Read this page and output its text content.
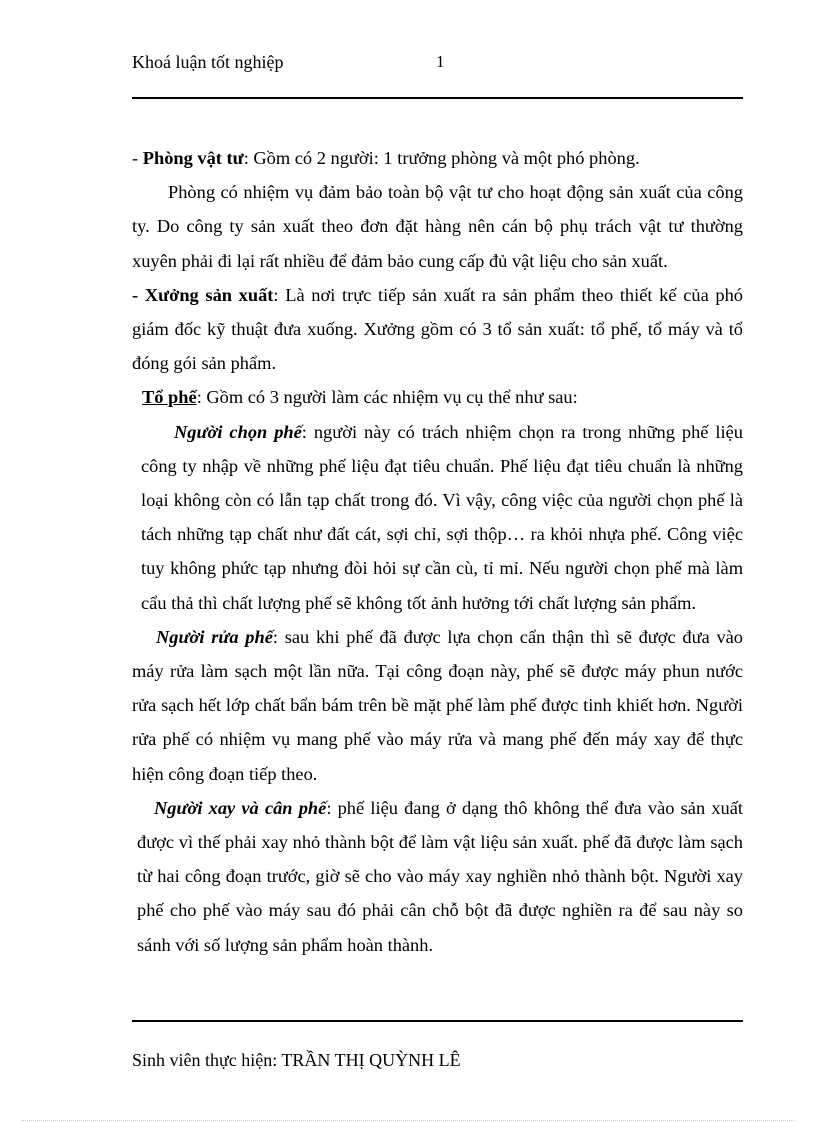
Khoá luận tốt nghiệp	1

- Phòng vật tư: Gồm có 2 người: 1 trưởng phòng và một phó phòng.

Phòng có nhiệm vụ đảm bảo toàn bộ vật tư cho hoạt động sản xuất của công ty. Do công ty sản xuất theo đơn đặt hàng nên cán bộ phụ trách vật tư thường xuyên phải đi lại rất nhiều để đảm bảo cung cấp đủ vật liệu cho sản xuất.

- Xưởng sản xuất: Là nơi trực tiếp sản xuất ra sản phẩm theo thiết kế của phó giám đốc kỹ thuật đưa xuống. Xưởng gồm có 3 tổ sản xuất: tổ phế, tổ máy và tổ đóng gói sản phẩm.

Tổ phế: Gồm có 3 người làm các nhiệm vụ cụ thể như sau:

Người chọn phế: người này có trách nhiệm chọn ra trong những phế liệu công ty nhập về những phế liệu đạt tiêu chuẩn. Phế liệu đạt tiêu chuẩn là những loại không còn có lẫn tạp chất trong đó. Vì vậy, công việc của người chọn phế là tách những tạp chất như đất cát, sợi chỉ, sợi thộp… ra khỏi nhựa phế. Công việc tuy không phức tạp nhưng đòi hỏi sự cần cù, tỉ mỉ. Nếu người chọn phế mà làm cẩu thả thì chất lượng phế sẽ không tốt ảnh hưởng tới chất lượng sản phẩm.

Người rửa phế: sau khi phế đã được lựa chọn cẩn thận thì sẽ được đưa vào máy rửa làm sạch một lần nữa. Tại công đoạn này, phế sẽ được máy phun nước rửa sạch hết lớp chất bẩn bám trên bề mặt phế làm phế được tinh khiết hơn. Người rửa phế có nhiệm vụ mang phế vào máy rửa và mang phế đến máy xay để thực hiện công đoạn tiếp theo.

Người xay và cân phế: phế liệu đang ở dạng thô không thể đưa vào sản xuất được vì thế phải xay nhỏ thành bột để làm vật liệu sản xuất. phế đã được làm sạch từ hai công đoạn trước, giờ sẽ cho vào máy xay nghiền nhỏ thành bột. Người xay phế cho phế vào máy sau đó phải cân chỗ bột đã được nghiền ra để sau này so sánh với số lượng sản phẩm hoàn thành.

Sinh viên thực hiện: TRẦN THỊ QUỲNH LÊ
